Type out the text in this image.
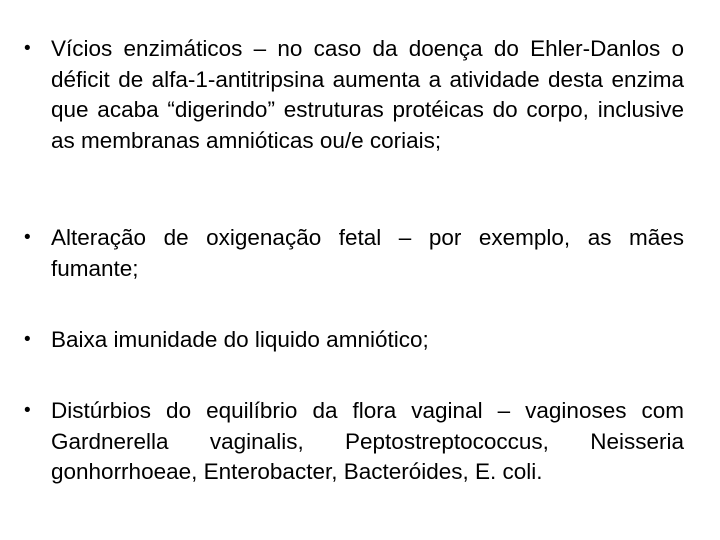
• Vícios enzimáticos – no caso da doença do Ehler-Danlos o déficit de alfa-1-antitripsina aumenta a atividade desta enzima que acaba “digerindo” estruturas protéicas do corpo, inclusive as membranas amnióticas ou/e coriais;
• Alteração de oxigenação fetal – por exemplo, as mães fumante;
• Baixa imunidade do liquido amniótico;
• Distúrbios do equilíbrio da flora vaginal – vaginoses com Gardnerella vaginalis, Peptostreptococcus, Neisseria gonhorrhoeae, Enterobacter, Bacteróides, E. coli.
